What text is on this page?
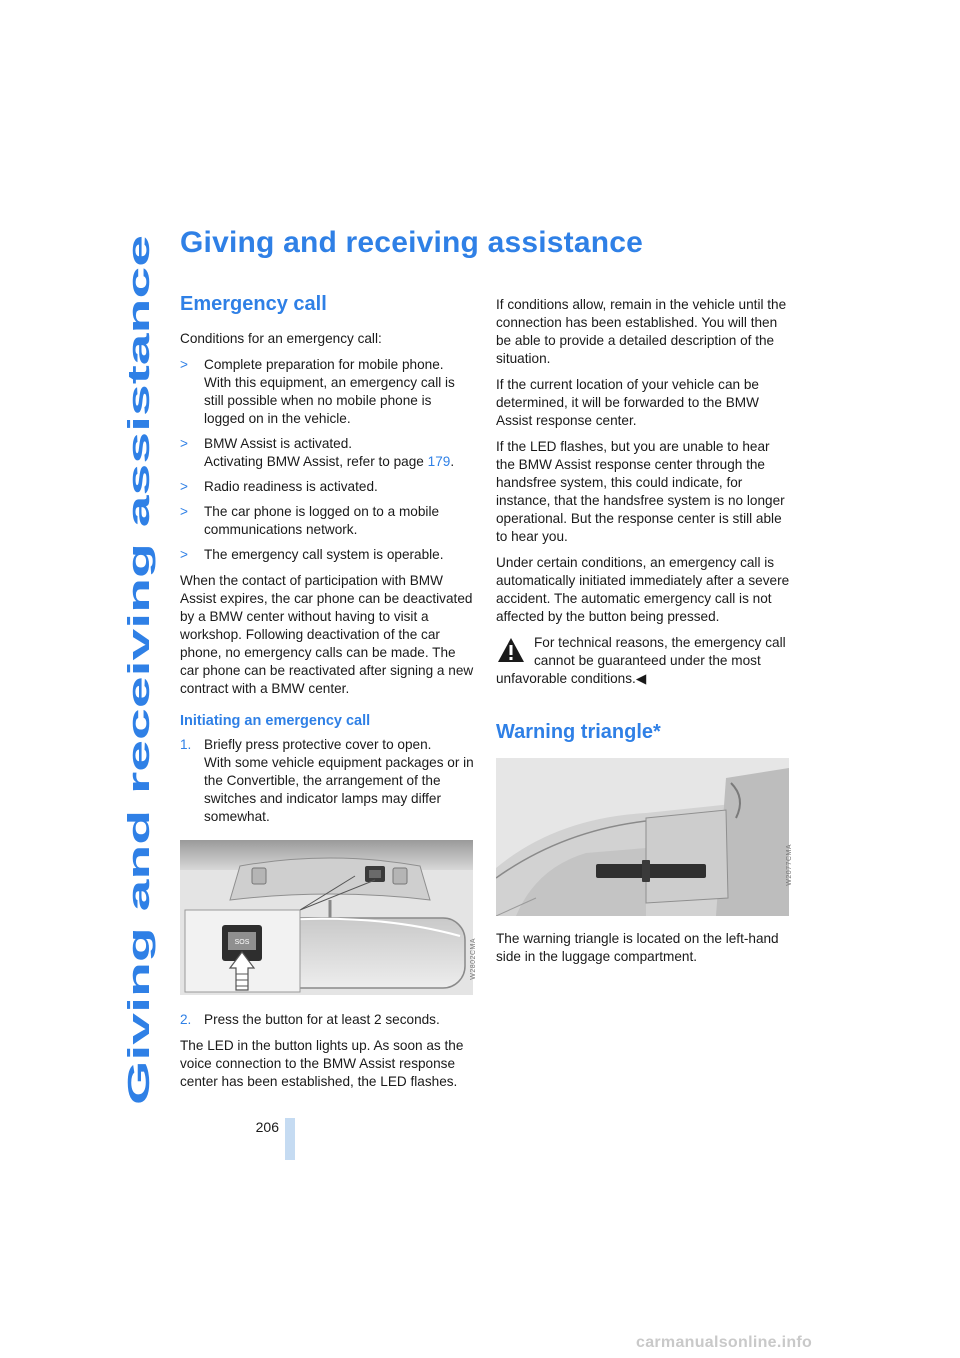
Giving and receiving assistance
Giving and receiving assistance
Emergency call

Conditions for an emergency call:

> Complete preparation for mobile phone.
With this equipment, an emergency call is still possible when no mobile phone is logged on in the vehicle.
> BMW Assist is activated.
Activating BMW Assist, refer to page 179.
> Radio readiness is activated.
> The car phone is logged on to a mobile communications network.
> The emergency call system is operable.

When the contact of participation with BMW Assist expires, the car phone can be deactivated by a BMW center without having to visit a workshop. Following deactivation of the car phone, no emergency calls can be made. The car phone can be reactivated after signing a new contract with a BMW center.

Initiating an emergency call
1. Briefly press protective cover to open.
With some vehicle equipment packages or in the Convertible, the arrangement of the switches and indicator lamps may differ somewhat.
SOS	W2802CMA
2. Press the button for at least 2 seconds.

The LED in the button lights up. As soon as the voice connection to the BMW Assist response center has been established, the LED flashes.

If conditions allow, remain in the vehicle until the connection has been established. You will then be able to provide a detailed description of the situation.

If the current location of your vehicle can be determined, it will be forwarded to the BMW Assist response center.

If the LED flashes, but you are unable to hear the BMW Assist response center through the handsfree system, this could indicate, for instance, that the handsfree system is no longer operational. But the response center is still able to hear you.

Under certain conditions, an emergency call is automatically initiated immediately after a severe accident. The automatic emergency call is not affected by the button being pressed.

For technical reasons, the emergency call cannot be guaranteed under the most
unfavorable conditions.◀
Warning triangle*
W2077CMA

The warning triangle is located on the left-hand side in the luggage compartment.

206
carmanualsonline.info
